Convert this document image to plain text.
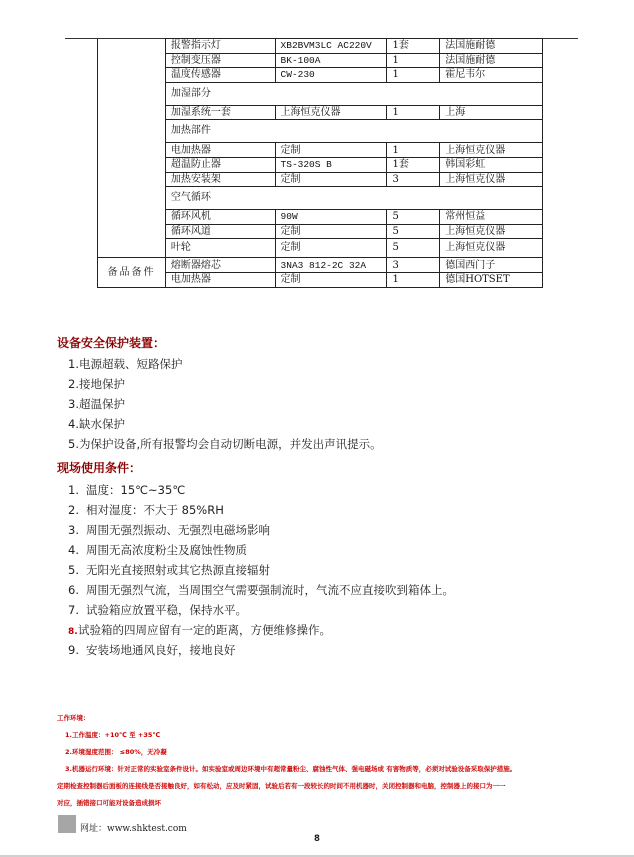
	报警指示灯	XB2BVM3LC AC220V	1套	法国施耐德
	控制变压器	BK-100A	1	法国施耐德
	温度传感器	CW-230	1	霍尼韦尔
	加湿部分			
	加湿系统一套	上海恒克仪器	1	上海
	加热部件			
	电加热器	定制	1	上海恒克仪器
	超温防止器	TS-320S B	1套	韩国彩虹
	加热安装架	定制	3	上海恒克仪器
	空气循环			
	循环风机	90W	5	常州恒益
	循环风道	定制	5	上海恒克仪器
	叶轮	定制	5	上海恒克仪器
备品备件	熔断器熔芯	3NA3 812-2C 32A	3	德国西门子
	电加热器	定制	1	德国HOTSET
设备安全保护装置：
1.电源超载、短路保护
2.接地保护
3.超温保护
4.缺水保护
5.为保护设备,所有报警均会自动切断电源，并发出声讯提示。
现场使用条件：
1. 温度：15℃~35℃
2. 相对湿度：不大于 85%RH
3. 周围无强烈振动、无强烈电磁场影响
4. 周围无高浓度粉尘及腐蚀性物质
5. 无阳光直接照射或其它热源直接辐射
6. 周围无强烈气流，当周围空气需要强制流时，气流不应直接吹到箱体上。
7. 试验箱应放置平稳，保持水平。
8.试验箱的四周应留有一定的距离，方便维修操作。
9. 安装场地通风良好，接地良好
工作环境：
1.工作温度：+10℃ 至 +35℃
2.环境湿度范围： ≤80%，无冷凝
3.机器运行环境：针对正常的实验室条件设计。如实验室或周边环境中有超常量粉尘、腐蚀性气体、强电磁场或 有害物质等，必须对试验设备采取保护措施。
定期检查控制器后面板的连接线是否接触良好，如有松动，应及时紧固，试验后若有一段较长的时间不用机器时，关闭控制器和电脑，控制器上的接口为一一
对应，插错接口可能对设备造成损坏
网址：www.shktest.com
8
